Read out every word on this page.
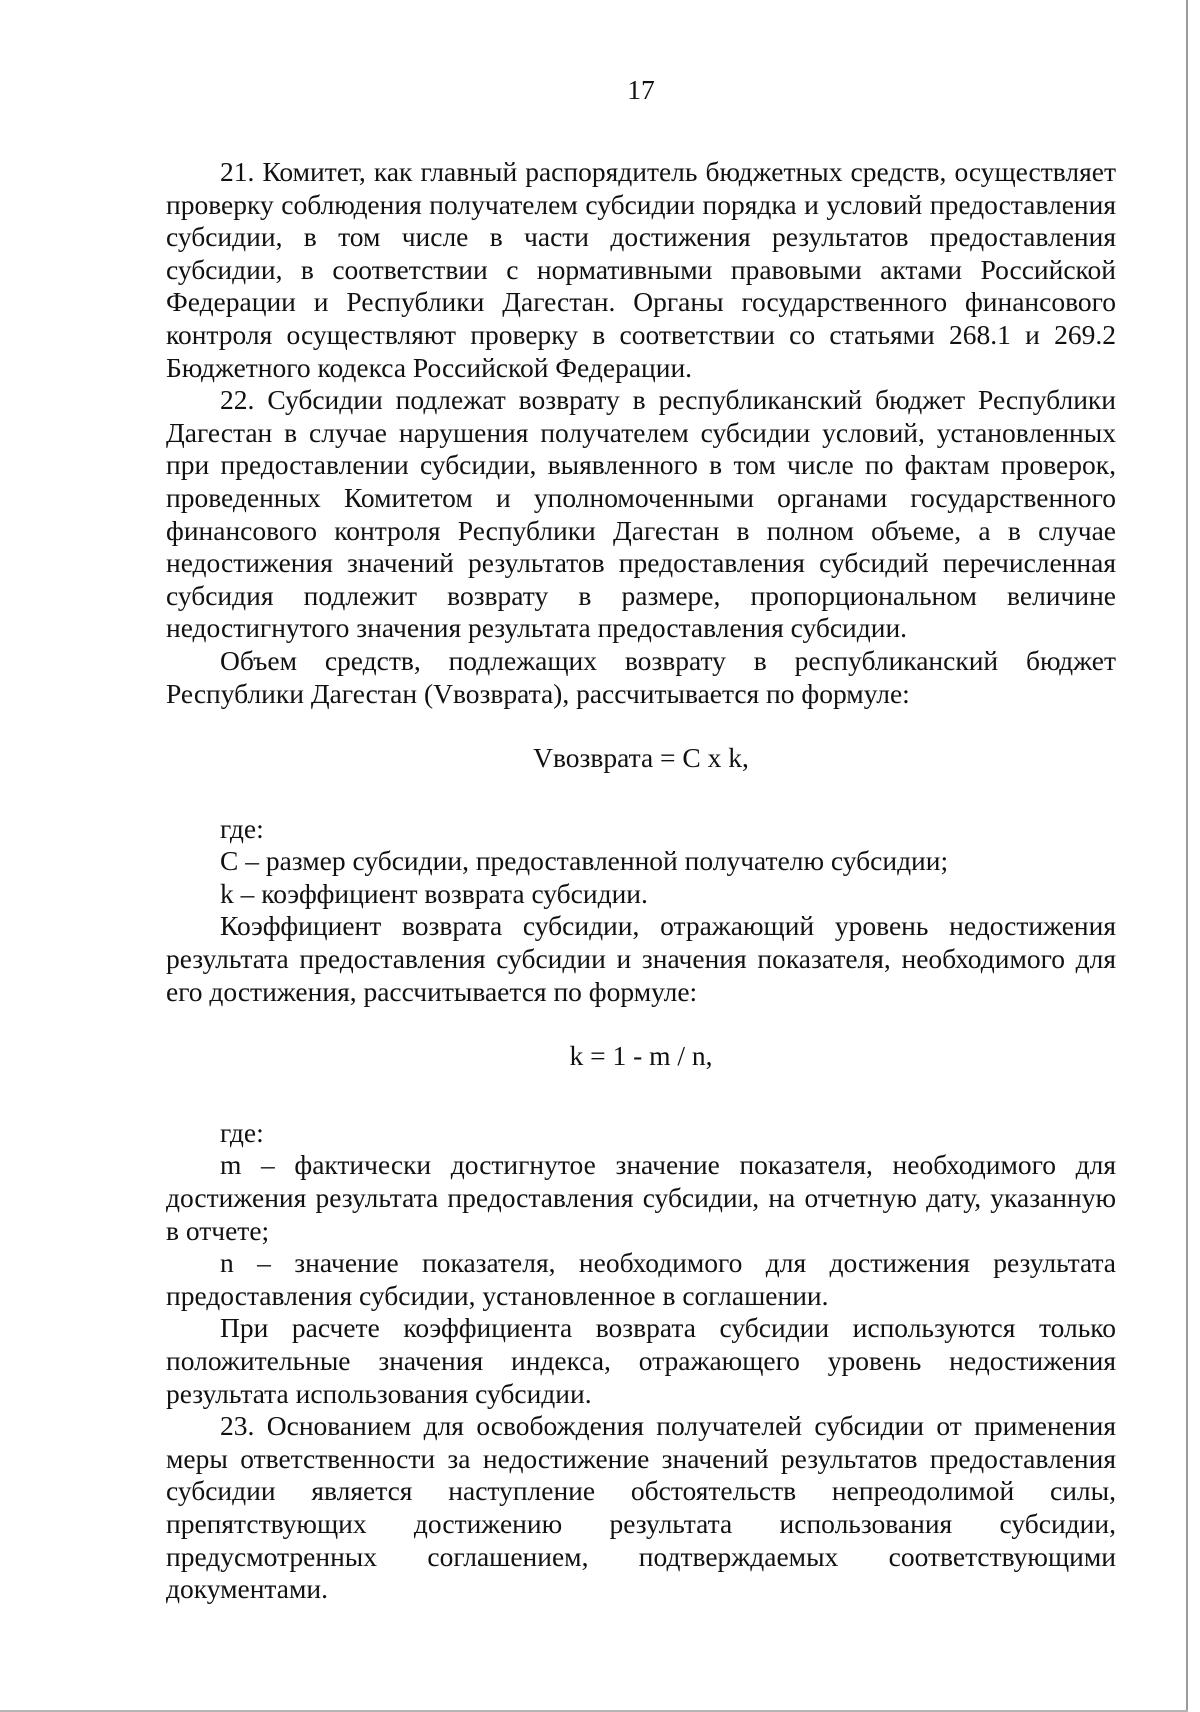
17

21. Комитет, как главный распорядитель бюджетных средств, осуществляет проверку соблюдения получателем субсидии порядка и условий предоставления субсидии, в том числе в части достижения результатов предоставления субсидии, в соответствии с нормативными правовыми актами Российской Федерации и Республики Дагестан. Органы государственного финансового контроля осуществляют проверку в соответствии со статьями 268.1 и 269.2 Бюджетного кодекса Российской Федерации.

22. Субсидии подлежат возврату в республиканский бюджет Республики Дагестан в случае нарушения получателем субсидии условий, установленных при предоставлении субсидии, выявленного в том числе по фактам проверок, проведенных Комитетом и уполномоченными органами государственного финансового контроля Республики Дагестан в полном объеме, а в случае недостижения значений результатов предоставления субсидий перечисленная субсидия подлежит возврату в размере, пропорциональном величине недостигнутого значения результата предоставления субсидии.

Объем средств, подлежащих возврату в республиканский бюджет Республики Дагестан (Vвозврата), рассчитывается по формуле:

Vвозврата = C x k,

где:

C – размер субсидии, предоставленной получателю субсидии;

k – коэффициент возврата субсидии.

Коэффициент возврата субсидии, отражающий уровень недостижения результата предоставления субсидии и значения показателя, необходимого для его достижения, рассчитывается по формуле:

k = 1 - m / n,

где:

m – фактически достигнутое значение показателя, необходимого для достижения результата предоставления субсидии, на отчетную дату, указанную в отчете;

n – значение показателя, необходимого для достижения результата предоставления субсидии, установленное в соглашении.

При расчете коэффициента возврата субсидии используются только положительные значения индекса, отражающего уровень недостижения результата использования субсидии.

23. Основанием для освобождения получателей субсидии от применения меры ответственности за недостижение значений результатов предоставления субсидии является наступление обстоятельств непреодолимой силы, препятствующих достижению результата использования субсидии, предусмотренных соглашением, подтверждаемых соответствующими документами.
